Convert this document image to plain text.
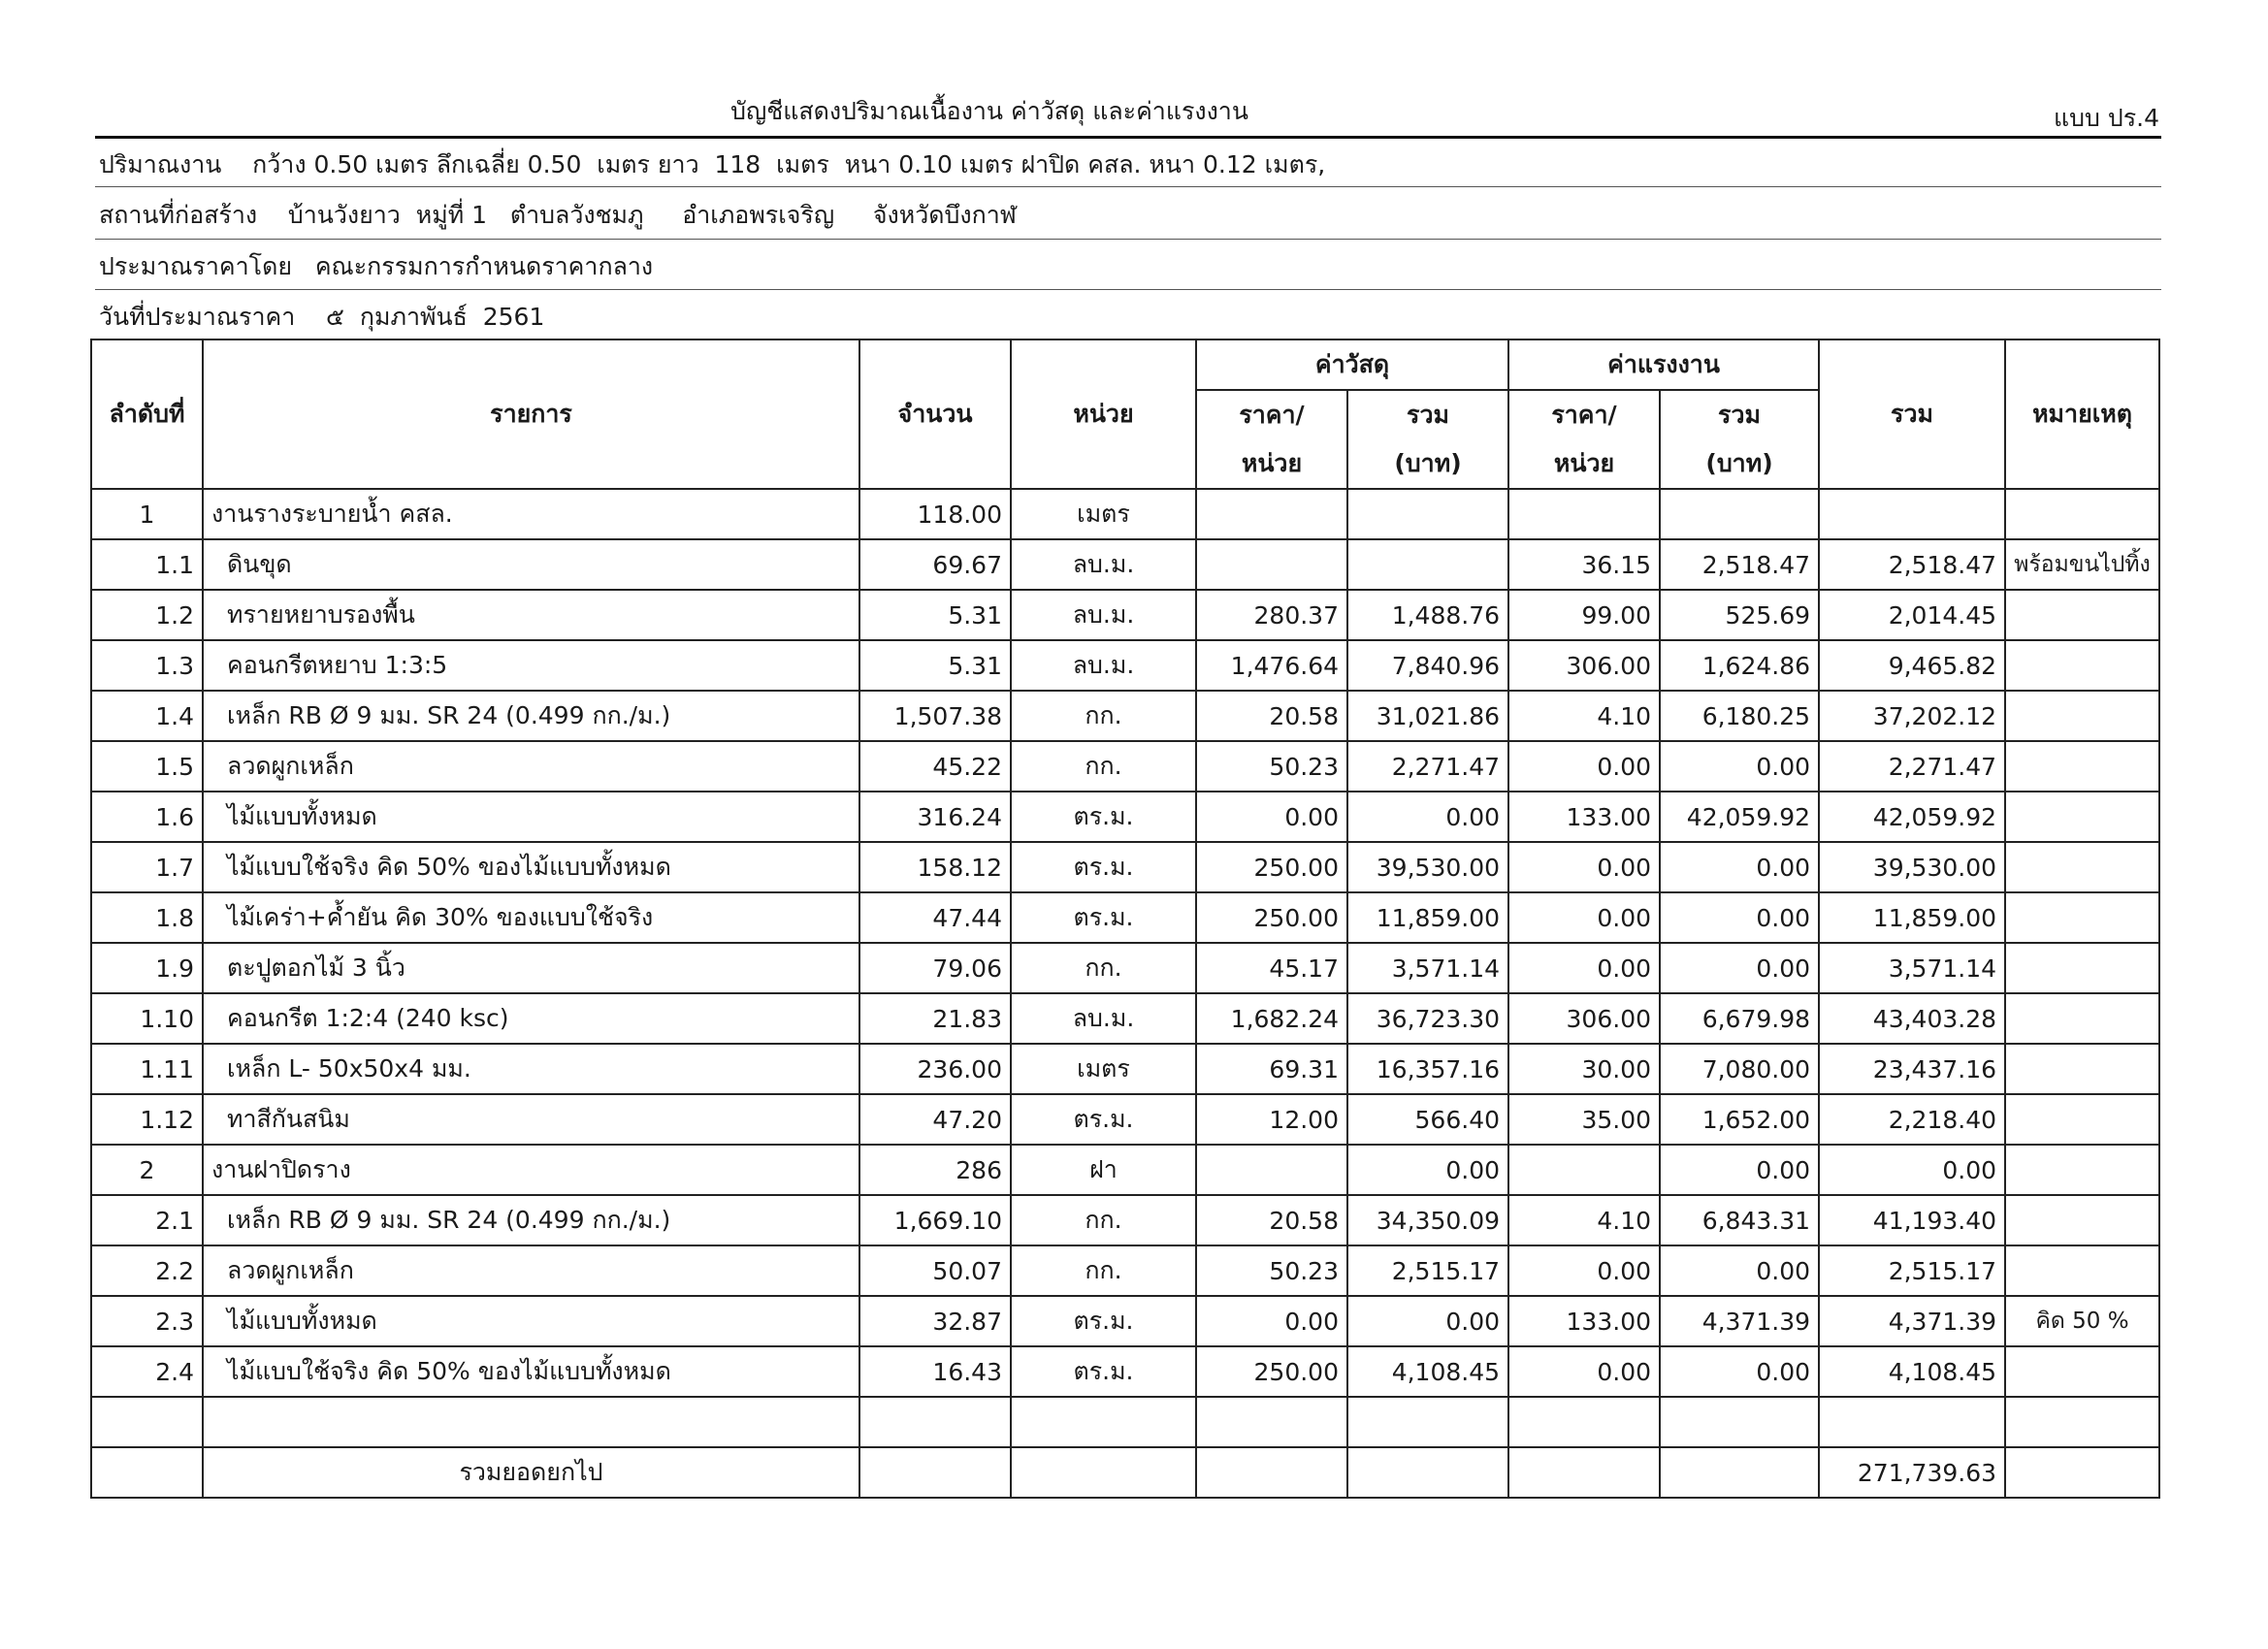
บัญชีแสดงปริมาณเนื้องาน ค่าวัสดุ และค่าแรงงาน	แบบ ปร.4
ปริมาณงาน    กว้าง 0.50 เมตร ลึกเฉลี่ย 0.50  เมตร ยาว  118  เมตร  หนา 0.10 เมตร ฝาปิด คสล. หนา 0.12 เมตร,
สถานที่ก่อสร้าง    บ้านวังยาว  หมู่ที่ 1   ตำบลวังชมภู     อำเภอพรเจริญ     จังหวัดบึงกาฬ
ประมาณราคาโดย   คณะกรรมการกำหนดราคากลาง
วันที่ประมาณราคา    ๕  กุมภาพันธ์  2561
ลำดับที่	รายการ	จำนวน	หน่วย	ค่าวัสดุ		ค่าแรงงาน		รวม	หมายเหตุ
				ราคา/	รวม	ราคา/	รวม		
				หน่วย	(บาท)	หน่วย	(บาท)		
1	งานรางระบายน้ำ คสล.	118.00	เมตร						
1.1	ดินขุด	69.67	ลบ.ม.			36.15	2,518.47	2,518.47	พร้อมขนไปทิ้ง
1.2	ทรายหยาบรองพื้น	5.31	ลบ.ม.	280.37	1,488.76	99.00	525.69	2,014.45	
1.3	คอนกรีตหยาบ 1:3:5	5.31	ลบ.ม.	1,476.64	7,840.96	306.00	1,624.86	9,465.82	
1.4	เหล็ก RB Ø 9 มม. SR 24 (0.499 กก./ม.)	1,507.38	กก.	20.58	31,021.86	4.10	6,180.25	37,202.12	
1.5	ลวดผูกเหล็ก	45.22	กก.	50.23	2,271.47	0.00	0.00	2,271.47	
1.6	ไม้แบบทั้งหมด	316.24	ตร.ม.	0.00	0.00	133.00	42,059.92	42,059.92	
1.7	ไม้แบบใช้จริง คิด 50% ของไม้แบบทั้งหมด	158.12	ตร.ม.	250.00	39,530.00	0.00	0.00	39,530.00	
1.8	ไม้เคร่า+ค้ำยัน คิด 30% ของแบบใช้จริง	47.44	ตร.ม.	250.00	11,859.00	0.00	0.00	11,859.00	
1.9	ตะปูตอกไม้ 3 นิ้ว	79.06	กก.	45.17	3,571.14	0.00	0.00	3,571.14	
1.10	คอนกรีต 1:2:4 (240 ksc)	21.83	ลบ.ม.	1,682.24	36,723.30	306.00	6,679.98	43,403.28	
1.11	เหล็ก L- 50x50x4 มม.	236.00	เมตร	69.31	16,357.16	30.00	7,080.00	23,437.16	
1.12	ทาสีกันสนิม	47.20	ตร.ม.	12.00	566.40	35.00	1,652.00	2,218.40	
2	งานฝาปิดราง	286	ฝา		0.00		0.00	0.00	
2.1	เหล็ก RB Ø 9 มม. SR 24 (0.499 กก./ม.)	1,669.10	กก.	20.58	34,350.09	4.10	6,843.31	41,193.40	
2.2	ลวดผูกเหล็ก	50.07	กก.	50.23	2,515.17	0.00	0.00	2,515.17	
2.3	ไม้แบบทั้งหมด	32.87	ตร.ม.	0.00	0.00	133.00	4,371.39	4,371.39	คิด 50 %
2.4	ไม้แบบใช้จริง คิด 50% ของไม้แบบทั้งหมด	16.43	ตร.ม.	250.00	4,108.45	0.00	0.00	4,108.45	

	รวมยอดยกไป							271,739.63	
